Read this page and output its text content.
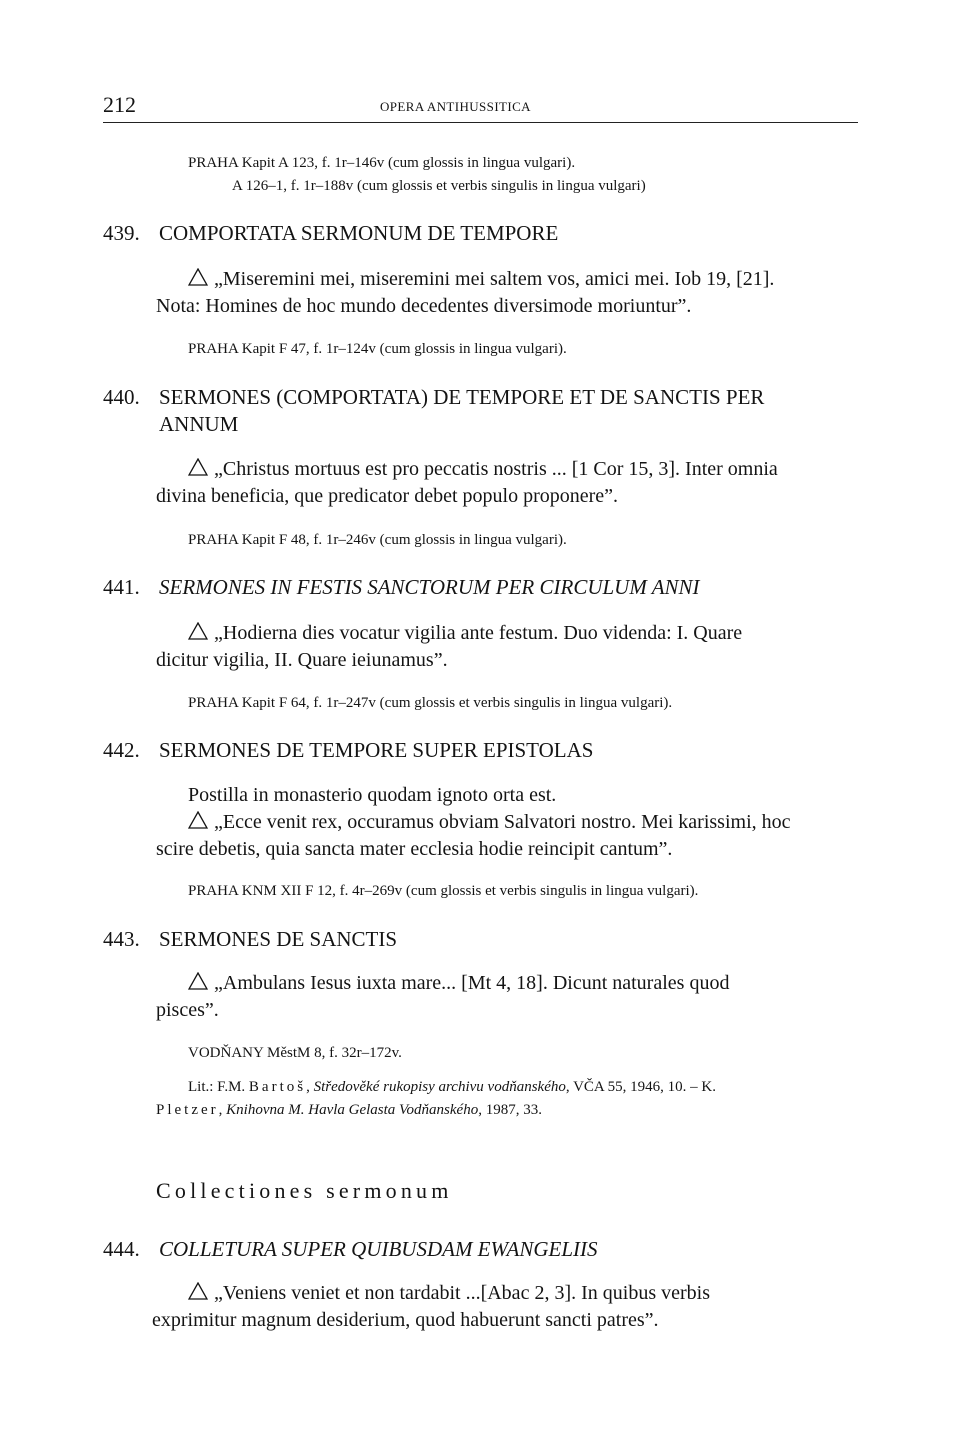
212	OPERA ANTIHUSSITICA
PRAHA Kapit A 123, f. 1r–146v (cum glossis in lingua vulgari).
A 126–1, f. 1r–188v (cum glossis et verbis singulis in lingua vulgari)
439. COMPORTATA SERMONUM DE TEMPORE
„Miseremini mei, miseremini mei saltem vos, amici mei. Iob 19, [21].
Nota: Homines de hoc mundo decedentes diversimode moriuntur”.
PRAHA Kapit F 47, f. 1r–124v (cum glossis in lingua vulgari).
440. SERMONES (COMPORTATA) DE TEMPORE ET DE SANCTIS PER
ANNUM
„Christus mortuus est pro peccatis nostris ... [1 Cor 15, 3]. Inter omnia
divina beneficia, que predicator debet populo proponere”.
PRAHA Kapit F 48, f. 1r–246v (cum glossis in lingua vulgari).
441. SERMONES IN FESTIS SANCTORUM PER CIRCULUM ANNI
„Hodierna dies vocatur vigilia ante festum. Duo videnda: I. Quare
dicitur vigilia, II. Quare ieiunamus”.
PRAHA Kapit F 64, f. 1r–247v (cum glossis et verbis singulis in lingua vulgari).
442. SERMONES DE TEMPORE SUPER EPISTOLAS
Postilla in monasterio quodam ignoto orta est.
„Ecce venit rex, occuramus obviam Salvatori nostro. Mei karissimi, hoc
scire debetis, quia sancta mater ecclesia hodie reincipit cantum”.
PRAHA KNM XII F 12, f. 4r–269v (cum glossis et verbis singulis in lingua vulgari).
443. SERMONES DE SANCTIS
„Ambulans Iesus iuxta mare... [Mt 4, 18]. Dicunt naturales quod
pisces”.
VODŇANY MěstM 8, f. 32r–172v.
Lit.: F.M. Bartoš, Středověké rukopisy archivu vodňanského, VČA 55, 1946, 10. – K.
Pletzer, Knihovna M. Havla Gelasta Vodňanského, 1987, 33.
Collectiones sermonum
444. COLLETURA SUPER QUIBUSDAM EWANGELIIS
„Veniens veniet et non tardabit ...[Abac 2, 3]. In quibus verbis
exprimitur magnum desiderium, quod habuerunt sancti patres”.
